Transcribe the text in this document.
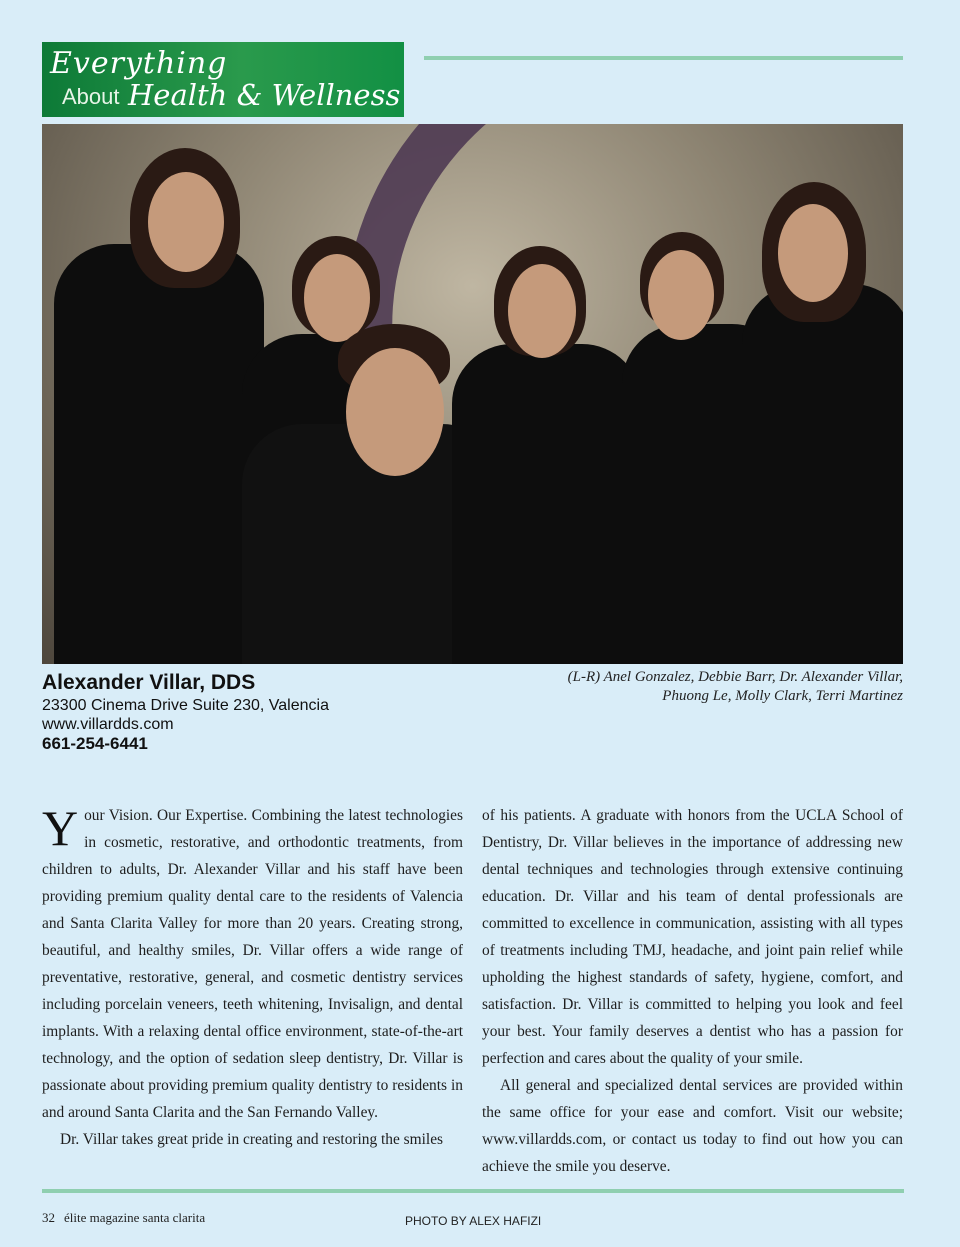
Everything
About Health & Wellness
Alexander Villar, DDS
23300 Cinema Drive Suite 230, Valencia
www.villardds.com
661-254-6441
(L-R) Anel Gonzalez, Debbie Barr, Dr. Alexander Villar,
Phuong Le, Molly Clark, Terri Martinez

Your Vision. Our Expertise. Combining the latest technologies in cosmetic, restorative, and orthodontic treatments, from children to adults, Dr. Alexander Villar and his staff have been providing premium quality dental care to the residents of Valencia and Santa Clarita Valley for more than 20 years. Creating strong, beautiful, and healthy smiles, Dr. Villar offers a wide range of preventative, restorative, general, and cosmetic dentistry services including porcelain veneers, teeth whitening, Invisalign, and dental implants. With a relaxing dental office environment, state-of-the-art technology, and the option of sedation sleep dentistry, Dr. Villar is passionate about providing premium quality dentistry to residents in and around Santa Clarita and the San Fernando Valley.

Dr. Villar takes great pride in creating and restoring the smiles

of his patients. A graduate with honors from the UCLA School of Dentistry, Dr. Villar believes in the importance of addressing new dental techniques and technologies through extensive continuing education. Dr. Villar and his team of dental professionals are committed to excellence in communication, assisting with all types of treatments including TMJ, headache, and joint pain relief while upholding the highest standards of safety, hygiene, comfort, and satisfaction. Dr. Villar is committed to helping you look and feel your best. Your family deserves a dentist who has a passion for perfection and cares about the quality of your smile.

All general and specialized dental services are provided within the same office for your ease and comfort. Visit our website; www.villardds.com, or contact us today to find out how you can achieve the smile you deserve.

32 élite magazine santa clarita	PHOTO BY ALEX HAFIZI
